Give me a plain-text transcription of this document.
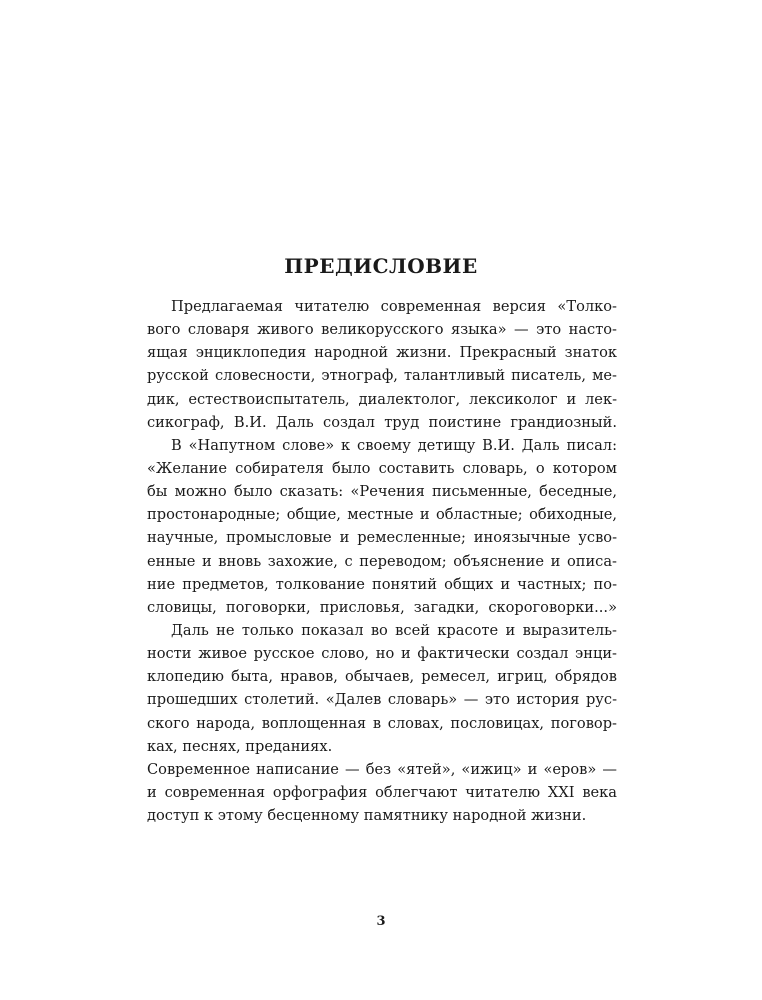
ПРЕДИСЛОВИЕ
Предлагаемая читателю современная версия «Толко-
вого словаря живого великорусского языка» — это насто-
ящая энциклопедия народной жизни. Прекрасный знаток
русской словесности, этнограф, талантливый писатель, ме-
дик, естествоиспытатель, диалектолог, лексиколог и лек-
сикограф, В.И. Даль создал труд поистине грандиозный.
В «Напутном слове» к своему детищу В.И. Даль писал:
«Желание собирателя было составить словарь, о котором
бы можно было сказать: «Речения письменные, беседные,
простонародные; общие, местные и областные; обиходные,
научные, промысловые и ремесленные; иноязычные усво-
енные и вновь захожие, с переводом; объяснение и описа-
ние предметов, толкование понятий общих и частных; по-
словицы, поговорки, присловья, загадки, скороговорки...»
Даль не только показал во всей красоте и выразитель-
ности живое русское слово, но и фактически создал энци-
клопедию быта, нравов, обычаев, ремесел, игриц, обрядов
прошедших столетий. «Далев словарь» — это история рус-
ского народа, воплощенная в словах, пословицах, поговор-
ках, песнях, преданиях.
Современное написание — без «ятей», «ижиц» и «еров» —
и современная орфография облегчают читателю XXI века
доступ к этому бесценному памятнику народной жизни.
3
